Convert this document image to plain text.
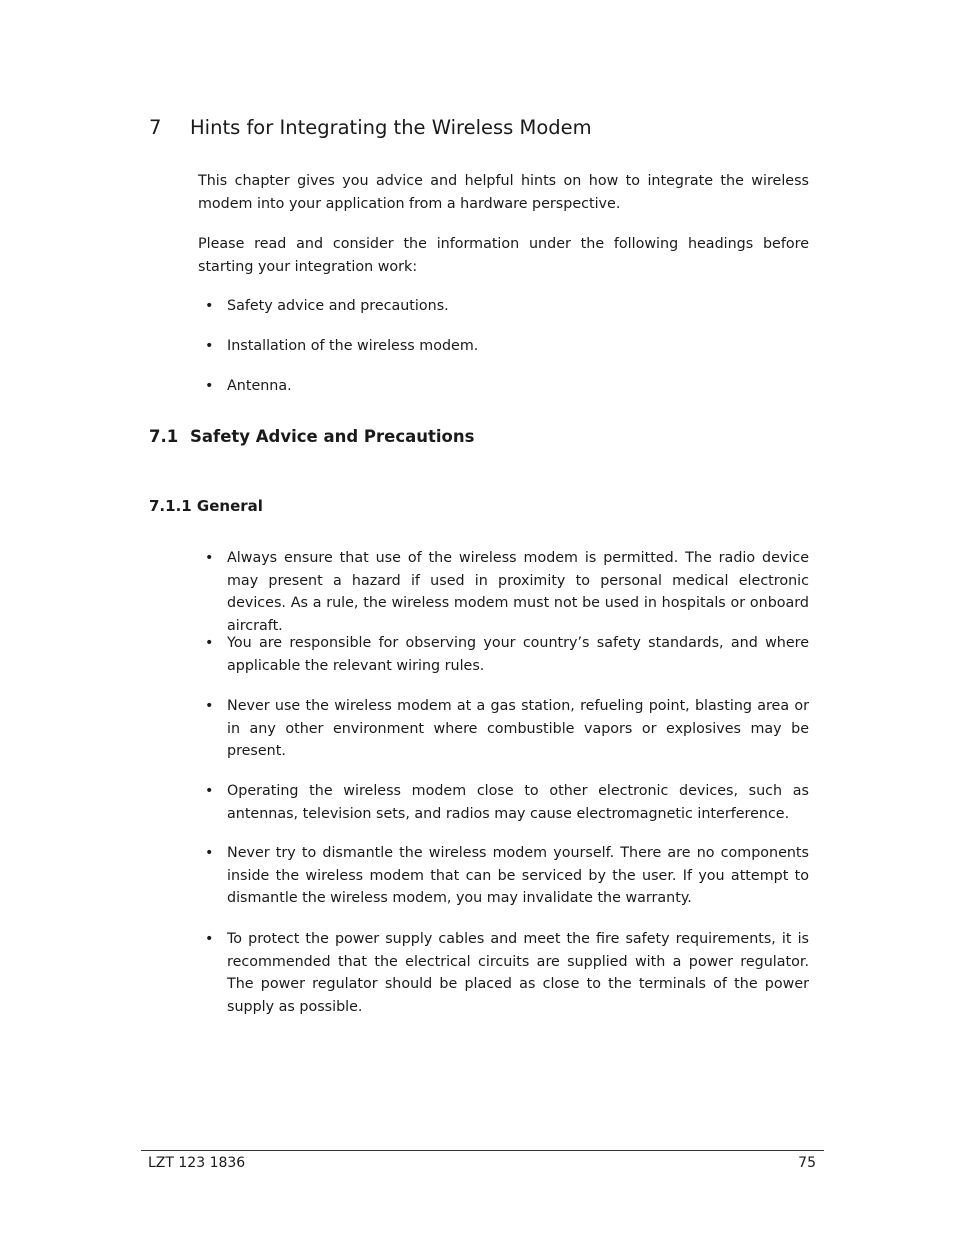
7 Hints for Integrating the Wireless Modem

This chapter gives you advice and helpful hints on how to integrate the wireless modem into your application from a hardware perspective.

Please read and consider the information under the following headings before starting your integration work:

• Safety advice and precautions.
• Installation of the wireless modem.
• Antenna.
7.1 Safety Advice and Precautions
7.1.1 General
• Always ensure that use of the wireless modem is permitted. The radio device may present a hazard if used in proximity to personal medical electronic devices. As a rule, the wireless modem must not be used in hospitals or onboard aircraft.
• You are responsible for observing your country’s safety standards, and where applicable the relevant wiring rules.
• Never use the wireless modem at a gas station, refueling point, blasting area or in any other environment where combustible vapors or explosives may be present.
• Operating the wireless modem close to other electronic devices, such as antennas, television sets, and radios may cause electromagnetic interference.
• Never try to dismantle the wireless modem yourself. There are no components inside the wireless modem that can be serviced by the user. If you attempt to dismantle the wireless modem, you may invalidate the warranty.
• To protect the power supply cables and meet the fire safety requirements, it is recommended that the electrical circuits are supplied with a power regulator. The power regulator should be placed as close to the terminals of the power supply as possible.
LZT 123 1836	75
